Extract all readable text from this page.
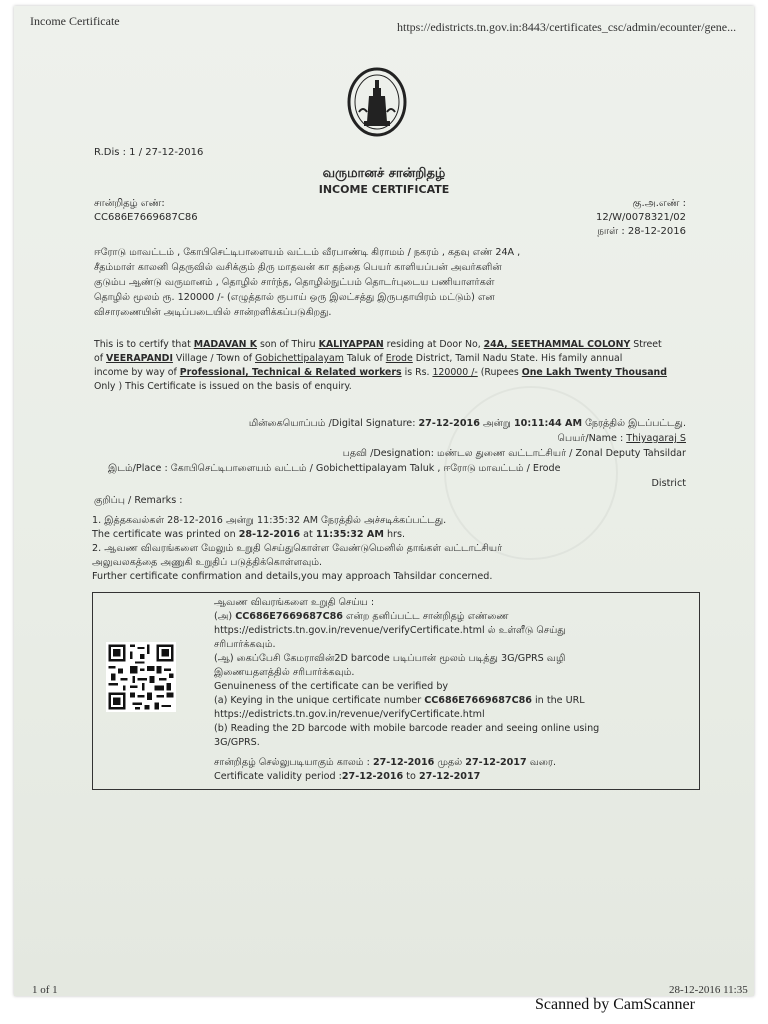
Income Certificate	https://edistricts.tn.gov.in:8443/certificates_csc/admin/ecounter/gene...
R.Dis : 1 / 27-12-2016
வருமானச் சான்றிதழ்
INCOME CERTIFICATE
சான்றிதழ் எண்:
CC686E7669687C86
கு.அ.எண் :
12/W/0078321/02
நாள் : 28-12-2016
ஈரோடு மாவட்டம் , கோபிசெட்டிபாளையம் வட்டம் வீரபாண்டி கிராமம் / நகரம் , கதவு எண் 24A ,
சீதம்மாள் காலனி தெருவில் வசிக்கும் திரு மாதவன் கா தந்தை பெயர் காளியப்பன் அவர்களின்
குடும்ப ஆண்டு வருமானம் , தொழில் சார்ந்த, தொழில்நுட்பம் தொடர்புடைய பணியாளர்கள்
தொழில் மூலம் ரூ. 120000 /- (எழுத்தால் ரூபாய் ஒரு இலட்சத்து இருபதாயிரம் மட்டும்) என
விசாரணையின் அடிப்படையில் சான்றளிக்கப்படுகிறது.
This is to certify that MADAVAN K son of Thiru KALIYAPPAN residing at Door No, 24A, SEETHAMMAL COLONY Street
of VEERAPANDI Village / Town of Gobichettipalayam Taluk of Erode District, Tamil Nadu State. His family annual
income by way of Professional, Technical & Related workers is Rs. 120000 /- (Rupees One Lakh Twenty Thousand
Only ) This Certificate is issued on the basis of enquiry.
மின்கையொப்பம் /Digital Signature: 27-12-2016 அன்று 10:11:44 AM நேரத்தில் இடப்பட்டது.
பெயர்/Name : Thiyagaraj S
பதவி /Designation: மண்டல துணை வட்டாட்சியர் / Zonal Deputy Tahsildar
இடம்/Place : கோபிசெட்டிபாளையம் வட்டம் / Gobichettipalayam Taluk , ஈரோடு மாவட்டம் / Erode
District
குறிப்பு / Remarks :
1. இத்தகவல்கள் 28-12-2016 அன்று 11:35:32 AM நேரத்தில் அச்சடிக்கப்பட்டது.
The certificate was printed on 28-12-2016 at 11:35:32 AM hrs.
2. ஆவண விவரங்களை மேலும் உறுதி செய்துகொள்ள வேண்டுமெனில் தாங்கள் வட்டாட்சியர்
அலுவலகத்தை அணுகி உறுதிப் படுத்திக்கொள்ளவும்.
Further certificate confirmation and details,you may approach Tahsildar concerned.
ஆவண விவரங்களை உறுதி செய்ய :
(அ) CC686E7669687C86 என்ற தனிப்பட்ட சான்றிதழ் எண்ணை
https://edistricts.tn.gov.in/revenue/verifyCertificate.html ல் உள்ளீடு செய்து
சரிபார்க்கவும்.
(ஆ) கைப்பேசி கேமராவின்2D barcode படிப்பான் மூலம் படித்து 3G/GPRS வழி
இணையதளத்தில் சரிபார்க்கவும்.
Genuineness of the certificate can be verified by
(a) Keying in the unique certificate number CC686E7669687C86 in the URL
https://edistricts.tn.gov.in/revenue/verifyCertificate.html
(b) Reading the 2D barcode with mobile barcode reader and seeing online using
3G/GPRS.
சான்றிதழ் செல்லுபடியாகும் காலம் : 27-12-2016 முதல் 27-12-2017 வரை.
Certificate validity period :27-12-2016 to 27-12-2017
1 of 1	28-12-2016 11:35
Scanned by CamScanner
